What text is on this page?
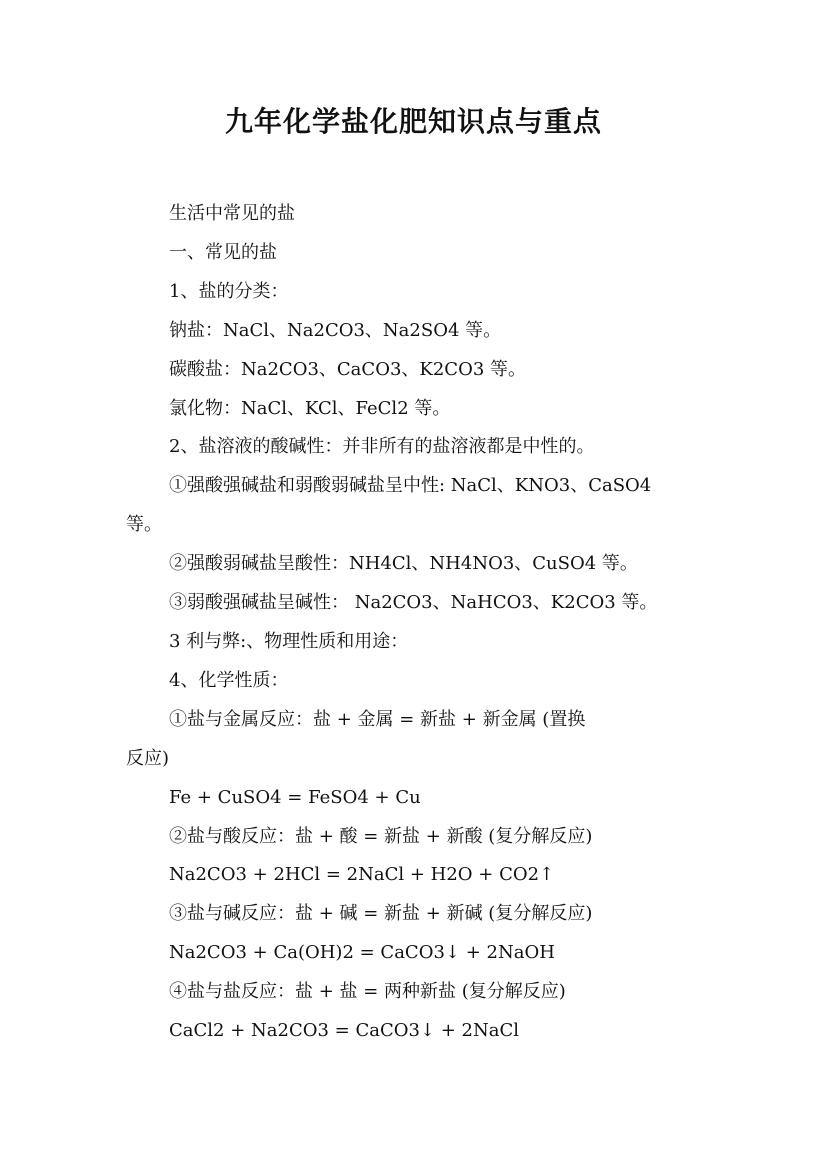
九年化学盐化肥知识点与重点
生活中常见的盐
一、常见的盐
1、盐的分类：
钠盐：NaCl、Na2CO3、Na2SO4 等。
碳酸盐：Na2CO3、CaCO3、K2CO3 等。
氯化物：NaCl、KCl、FeCl2 等。
2、盐溶液的酸碱性：并非所有的盐溶液都是中性的。
①强酸强碱盐和弱酸弱碱盐呈中性: NaCl、KNO3、CaSO4
等。
②强酸弱碱盐呈酸性：NH4Cl、NH4NO3、CuSO4 等。
③弱酸强碱盐呈碱性： Na2CO3、NaHCO3、K2CO3 等。
3 利与弊:、物理性质和用途：
4、化学性质：
①盐与金属反应：盐 + 金属 = 新盐 + 新金属 (置换
反应)
Fe + CuSO4 = FeSO4 + Cu
②盐与酸反应：盐 + 酸 = 新盐 + 新酸 (复分解反应)
Na2CO3 + 2HCl = 2NaCl + H2O + CO2↑
③盐与碱反应：盐 + 碱 = 新盐 + 新碱 (复分解反应)
Na2CO3 + Ca(OH)2 = CaCO3↓ + 2NaOH
④盐与盐反应：盐 + 盐 = 两种新盐 (复分解反应)
CaCl2 + Na2CO3 = CaCO3↓ + 2NaCl
